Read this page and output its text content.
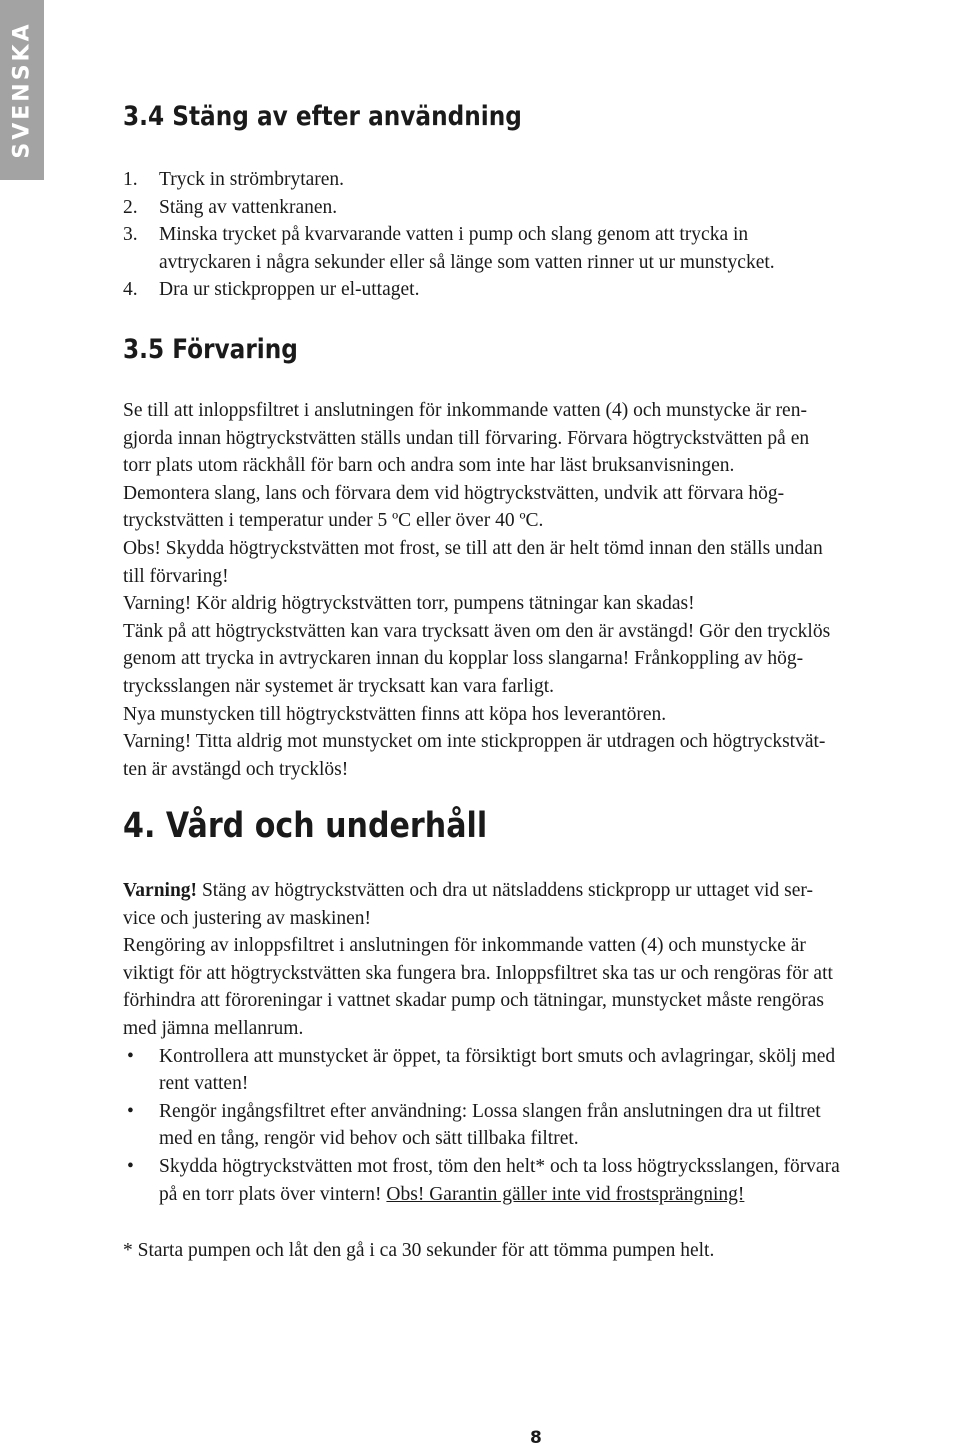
SVENSKA	3.4 Stäng av efter användning
1. Tryck in strömbrytaren.
2. Stäng av vattenkranen.
3. Minska trycket på kvarvarande vatten i pump och slang genom att trycka in
avtryckaren i några sekunder eller så länge som vatten rinner ut ur munstycket.
4. Dra ur stickproppen ur el-uttaget.
3.5 Förvaring
Se till att inloppsfiltret i anslutningen för inkommande vatten (4) och munstycke är ren-
gjorda innan högtryckstvätten ställs undan till förvaring. Förvara högtryckstvätten på en
torr plats utom räckhåll för barn och andra som inte har läst bruksanvisningen.
Demontera slang, lans och förvara dem vid högtryckstvätten, undvik att förvara hög-
tryckstvätten i temperatur under 5 ºC eller över 40 ºC.
Obs! Skydda högtryckstvätten mot frost, se till att den är helt tömd innan den ställs undan
till förvaring!
Varning! Kör aldrig högtryckstvätten torr, pumpens tätningar kan skadas!
Tänk på att högtryckstvätten kan vara trycksatt även om den är avstängd! Gör den trycklös
genom att trycka in avtryckaren innan du kopplar loss slangarna! Frånkoppling av hög-
trycksslangen när systemet är trycksatt kan vara farligt.
Nya munstycken till högtryckstvätten finns att köpa hos leverantören.
Varning! Titta aldrig mot munstycket om inte stickproppen är utdragen och högtryckstvät-
ten är avstängd och trycklös!
4. Vård och underhåll
Varning! Stäng av högtryckstvätten och dra ut nätsladdens stickpropp ur uttaget vid ser-
vice och justering av maskinen!
Rengöring av inloppsfiltret i anslutningen för inkommande vatten (4) och munstycke är
viktigt för att högtryckstvätten ska fungera bra. Inloppsfiltret ska tas ur och rengöras för att
förhindra att föroreningar i vattnet skadar pump och tätningar, munstycket måste rengöras
med jämna mellanrum.
• Kontrollera att munstycket är öppet, ta försiktigt bort smuts och avlagringar, skölj med
rent vatten!
• Rengör ingångsfiltret efter användning: Lossa slangen från anslutningen dra ut filtret
med en tång, rengör vid behov och sätt tillbaka filtret.
• Skydda högtryckstvätten mot frost, töm den helt* och ta loss högtrycksslangen, förvara
på en torr plats över vintern! Obs! Garantin gäller inte vid frostsprängning!
* Starta pumpen och låt den gå i ca 30 sekunder för att tömma pumpen helt.
8
